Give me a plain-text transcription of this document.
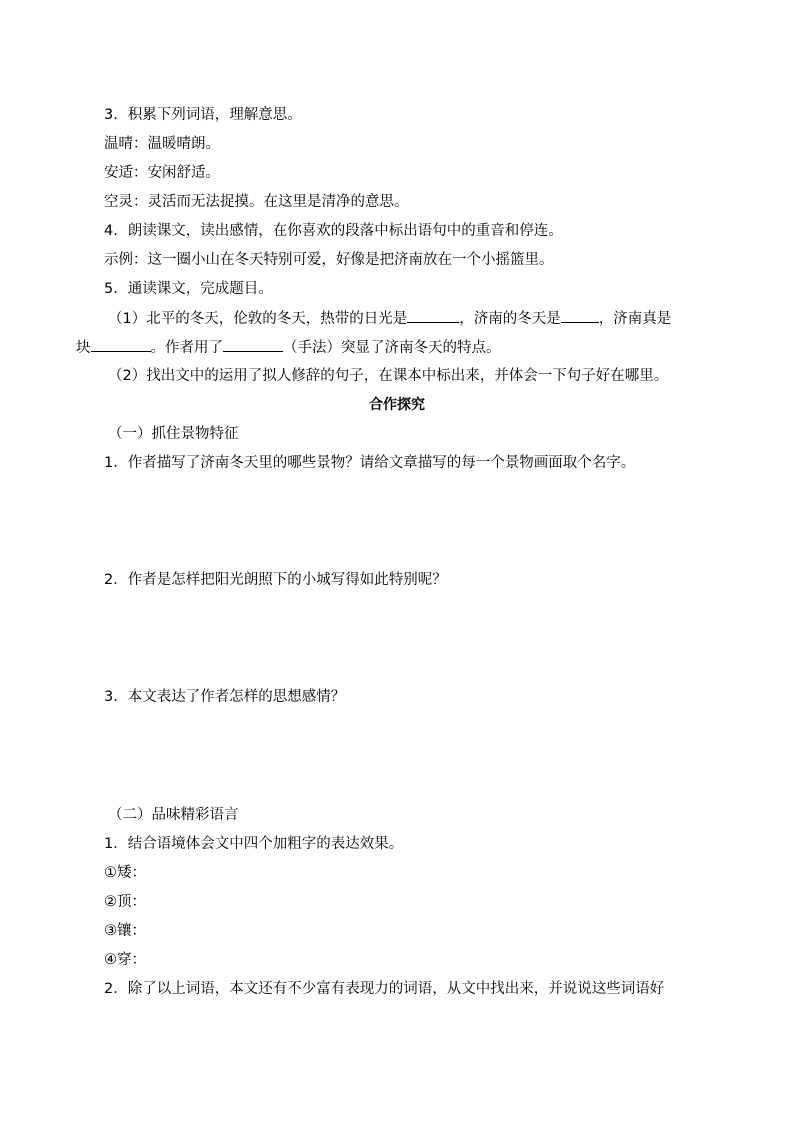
3．积累下列词语，理解意思。
温晴：温暖晴朗。
安适：安闲舒适。
空灵：灵活而无法捉摸。在这里是清净的意思。
4．朗读课文，读出感情，在你喜欢的段落中标出语句中的重音和停连。
示例：这一圈小山在冬天特别可爱，好像是把济南放在一个小摇篮里。
5．通读课文，完成题目。
（1）北平的冬天，伦敦的冬天，热带的日光是	，济南的冬天是	，济南真是
块	。作者用了	（手法）突显了济南冬天的特点。
（2）找出文中的运用了拟人修辞的句子，在课本中标出来，并体会一下句子好在哪里。
合作探究
（一）抓住景物特征
1．作者描写了济南冬天里的哪些景物？请给文章描写的每一个景物画面取个名字。
2．作者是怎样把阳光朗照下的小城写得如此特别呢？
3．本文表达了作者怎样的思想感情？
（二）品味精彩语言
1．结合语境体会文中四个加粗字的表达效果。
①矮：
②顶：
③镶：
④穿：
2．除了以上词语，本文还有不少富有表现力的词语，从文中找出来，并说说这些词语好
